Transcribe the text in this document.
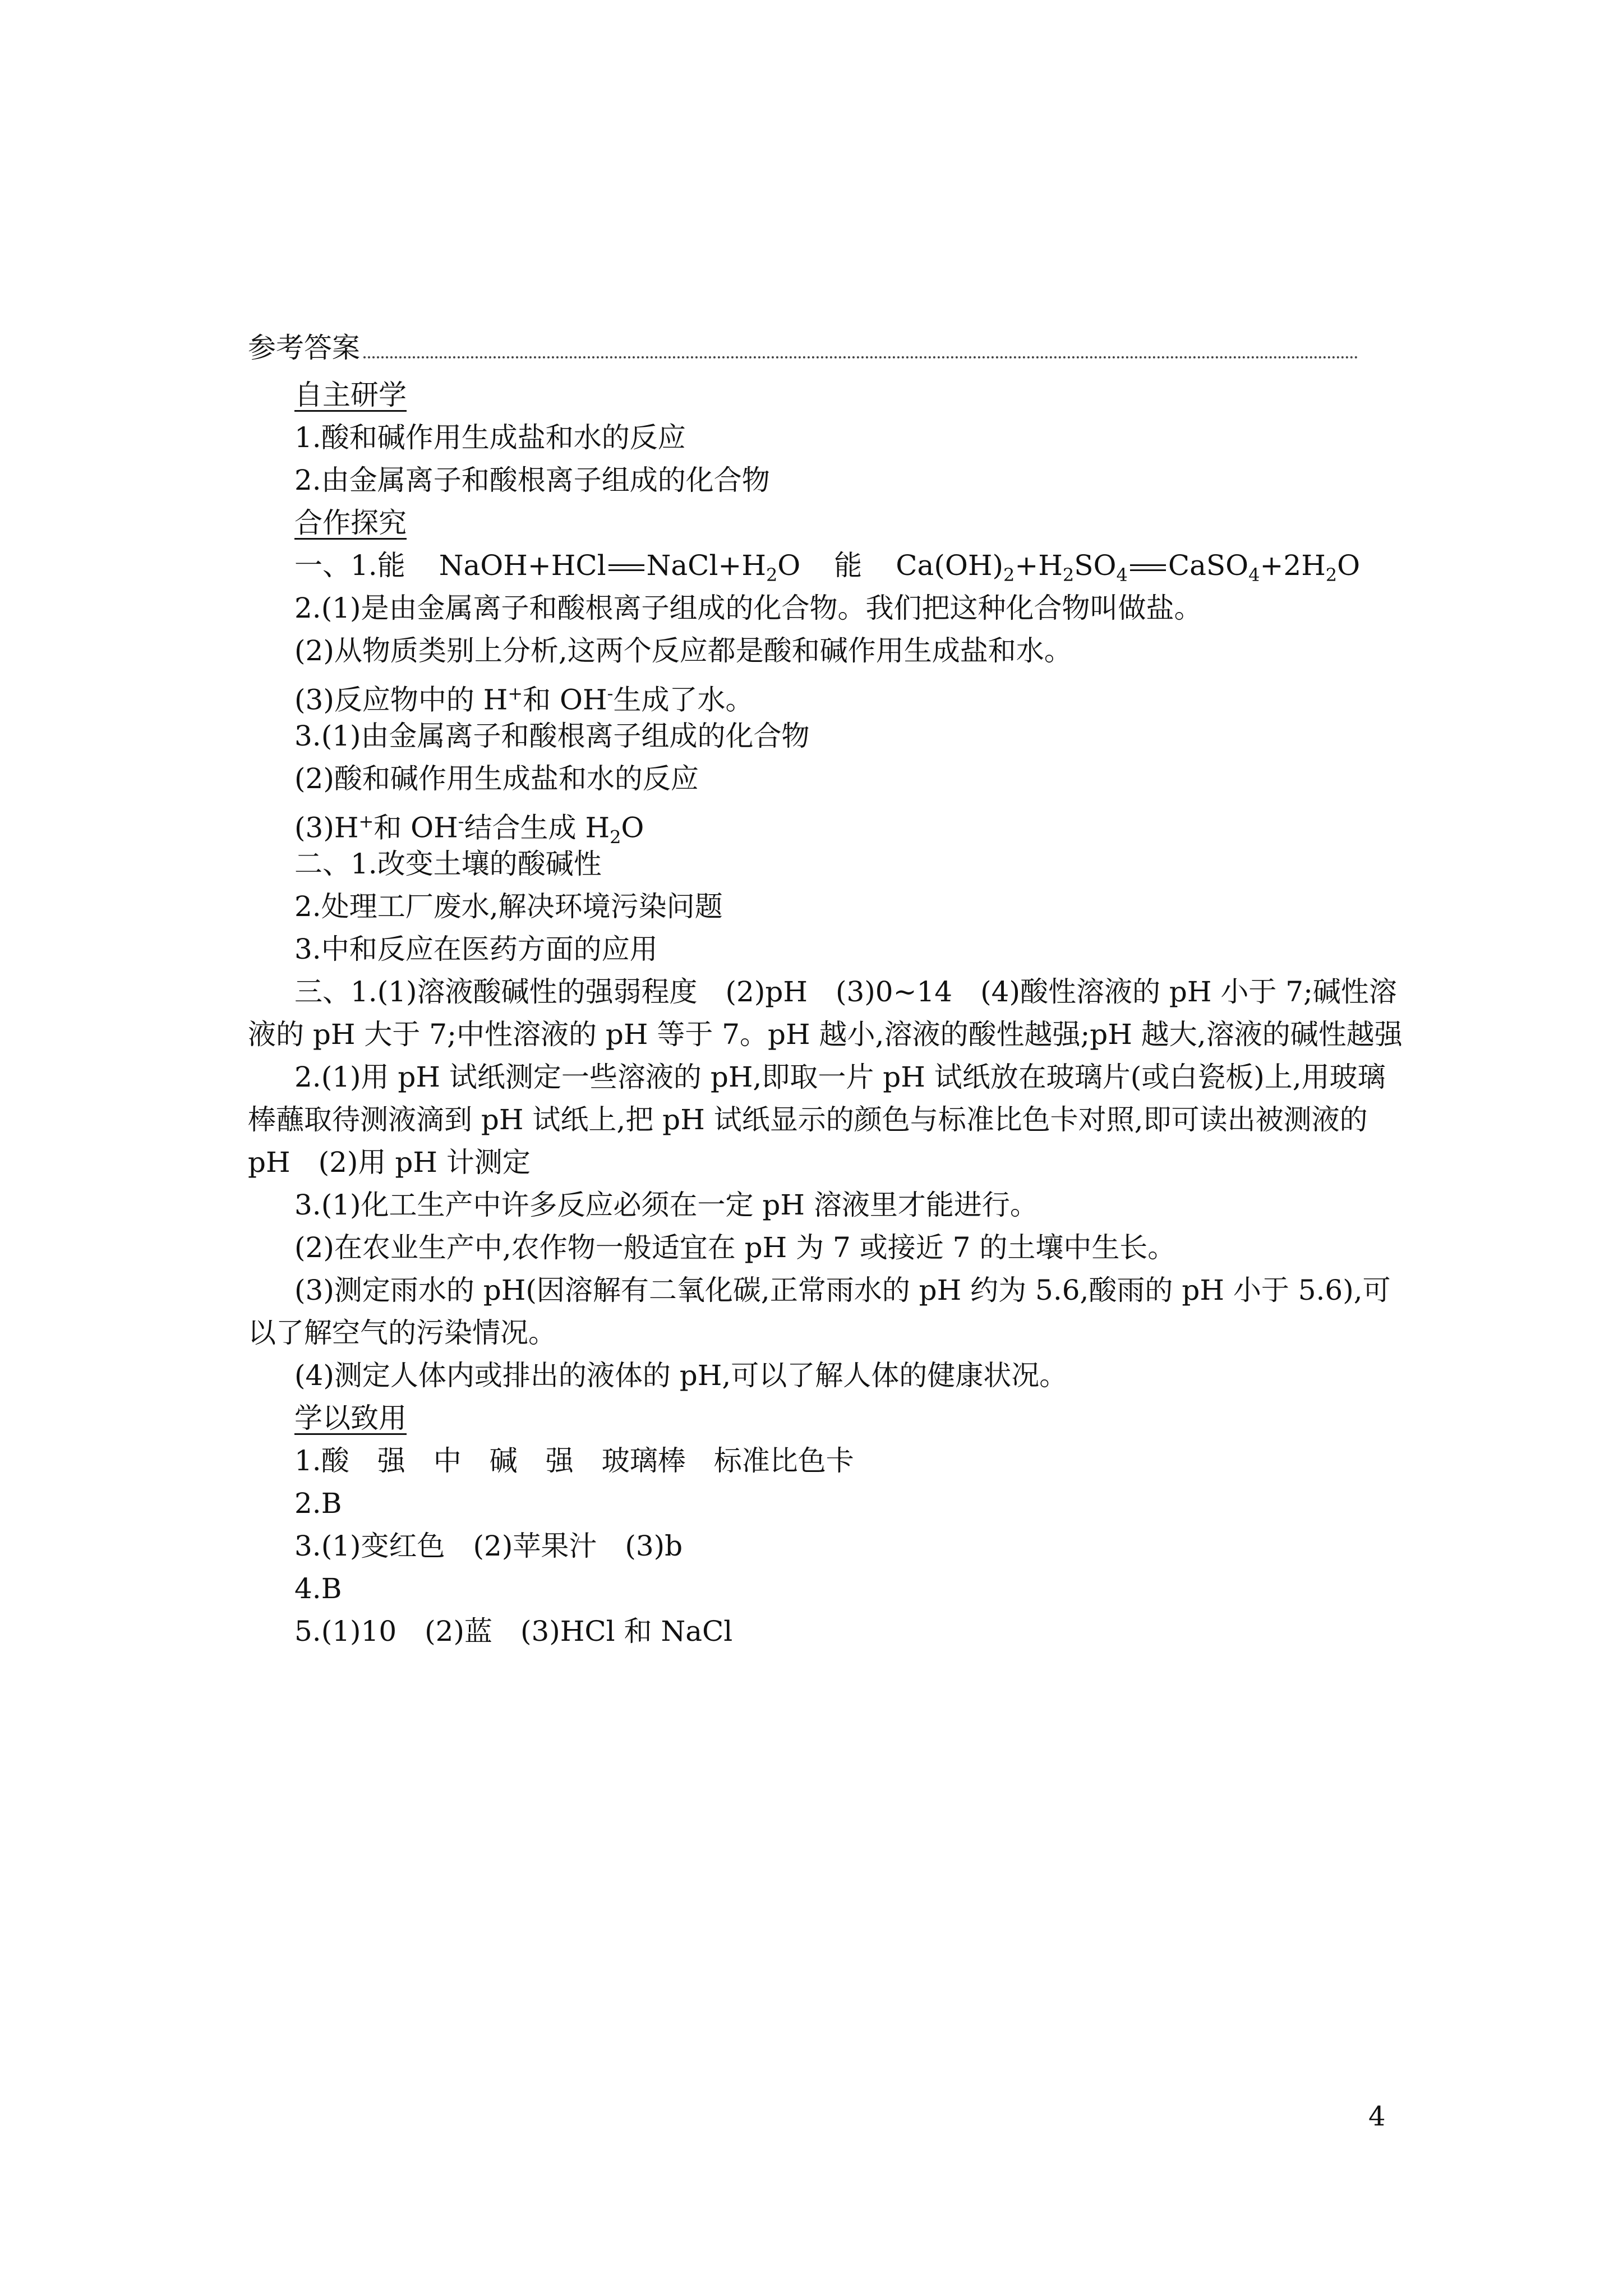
参考答案
自主研学
1.酸和碱作用生成盐和水的反应
2.由金属离子和酸根离子组成的化合物
合作探究
一、1.能 NaOH+HCl $NaCl+H_2O$ 能 $Ca(OH)_2+H_2SO_4$ $CaSO_4+2H_2O$
2.(1)是由金属离子和酸根离子组成的化合物。我们把这种化合物叫做盐。
(2)从物质类别上分析,这两个反应都是酸和碱作用生成盐和水。
(3)反应物中的 H+和 OH-生成了水。
3.(1)由金属离子和酸根离子组成的化合物
(2)酸和碱作用生成盐和水的反应
(3)H+和 OH-结合生成 $H_2O$
二、1.改变土壤的酸碱性
2.处理工厂废水,解决环境污染问题
3.中和反应在医药方面的应用
三、1.(1)溶液酸碱性的强弱程度　(2)pH　(3)0~14　(4)酸性溶液的 pH 小于 7;碱性溶
液的 pH 大于 7;中性溶液的 pH 等于 7。pH 越小,溶液的酸性越强;pH 越大,溶液的碱性越强
2.(1)用 pH 试纸测定一些溶液的 pH,即取一片 pH 试纸放在玻璃片(或白瓷板)上,用玻璃
棒蘸取待测液滴到 pH 试纸上,把 pH 试纸显示的颜色与标准比色卡对照,即可读出被测液的
pH　(2)用 pH 计测定
3.(1)化工生产中许多反应必须在一定 pH 溶液里才能进行。
(2)在农业生产中,农作物一般适宜在 pH 为 7 或接近 7 的土壤中生长。
(3)测定雨水的 pH(因溶解有二氧化碳,正常雨水的 pH 约为 5.6,酸雨的 pH 小于 5.6),可
以了解空气的污染情况。
(4)测定人体内或排出的液体的 pH,可以了解人体的健康状况。
学以致用
1.酸　强　中　碱　强　玻璃棒　标准比色卡
2.B
3.(1)变红色　(2)苹果汁　(3)b
4.B
5.(1)10　(2)蓝　(3)HCl 和 NaCl
4
